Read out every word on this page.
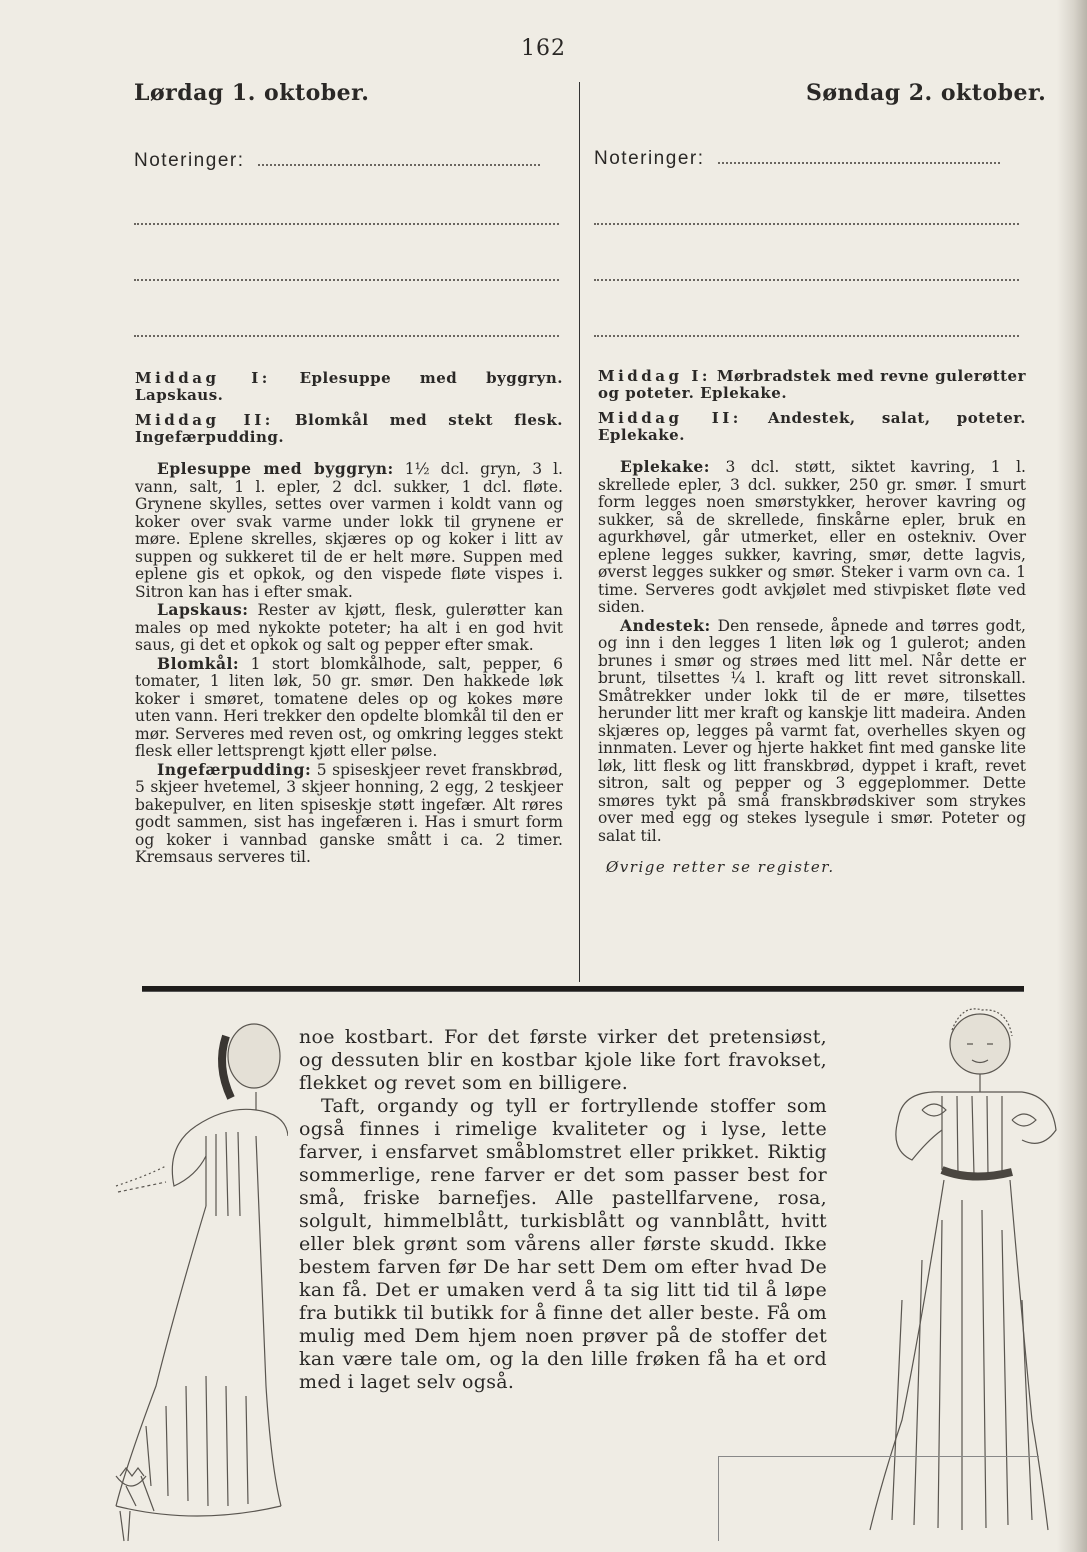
162
Lørdag 1. oktober.	Søndag 2. oktober.
Noteringer:	Noteringer:

Middag I: Eplesuppe med byggryn. Lapskaus.

Middag II: Blomkål med stekt flesk. Ingefærpudding.

Eplesuppe med byggryn: 1½ dcl. gryn, 3 l. vann, salt, 1 l. epler, 2 dcl. sukker, 1 dcl. fløte. Grynene skylles, settes over varmen i koldt vann og koker over svak varme under lokk til grynene er møre. Eplene skrelles, skjæres op og koker i litt av suppen og sukkeret til de er helt møre. Suppen med eplene gis et opkok, og den vispede fløte vispes i. Sitron kan has i efter smak.

Lapskaus: Rester av kjøtt, flesk, gulerøtter kan males op med nykokte poteter; ha alt i en god hvit saus, gi det et opkok og salt og pepper efter smak.

Blomkål: 1 stort blomkålhode, salt, pepper, 6 tomater, 1 liten løk, 50 gr. smør. Den hakkede løk koker i smøret, tomatene deles op og kokes møre uten vann. Heri trekker den opdelte blomkål til den er mør. Serveres med reven ost, og omkring legges stekt flesk eller lettsprengt kjøtt eller pølse.

Ingefærpudding: 5 spiseskjeer revet franskbrød, 5 skjeer hvetemel, 3 skjeer honning, 2 egg, 2 teskjeer bakepulver, en liten spiseskje støtt ingefær. Alt røres godt sammen, sist has ingefæren i. Has i smurt form og koker i vannbad ganske smått i ca. 2 timer. Kremsaus serveres til.

Middag I: Mørbradstek med revne gulerøtter og poteter. Eplekake.

Middag II: Andestek, salat, poteter. Eplekake.

Eplekake: 3 dcl. støtt, siktet kavring, 1 l. skrellede epler, 3 dcl. sukker, 250 gr. smør. I smurt form legges noen smørstykker, herover kavring og sukker, så de skrellede, finskårne epler, bruk en agurkhøvel, går utmerket, eller en ostekniv. Over eplene legges sukker, kavring, smør, dette lagvis, øverst legges sukker og smør. Steker i varm ovn ca. 1 time. Serveres godt avkjølet med stivpisket fløte ved siden.

Andestek: Den rensede, åpnede and tørres godt, og inn i den legges 1 liten løk og 1 gulerot; anden brunes i smør og strøes med litt mel. Når dette er brunt, tilsettes ¼ l. kraft og litt revet sitronskall. Småtrekker under lokk til de er møre, tilsettes herunder litt mer kraft og kanskje litt madeira. Anden skjæres op, legges på varmt fat, overhelles skyen og innmaten. Lever og hjerte hakket fint med ganske lite løk, litt flesk og litt franskbrød, dyppet i kraft, revet sitron, salt og pepper og 3 eggeplommer. Dette smøres tykt på små franskbrødskiver som strykes over med egg og stekes lysegule i smør. Poteter og salat til.

Øvrige retter se register.

noe kostbart. For det første virker det pretensiøst, og dessuten blir en kostbar kjole like fort fravokset, flekket og revet som en billigere.

Taft, organdy og tyll er fortryllende stoffer som også finnes i rimelige kvaliteter og i lyse, lette farver, i ensfarvet småblomstret eller prikket. Riktig sommerlige, rene farver er det som passer best for små, friske barnefjes. Alle pastellfarvene, rosa, solgult, himmelblått, turkisblått og vannblått, hvitt eller blek grønt som vårens aller første skudd. Ikke bestem farven før De har sett Dem om efter hvad De kan få. Det er umaken verd å ta sig litt tid til å løpe fra butikk til butikk for å finne det aller beste. Få om mulig med Dem hjem noen prøver på de stoffer det kan være tale om, og la den lille frøken få ha et ord med i laget selv også.
